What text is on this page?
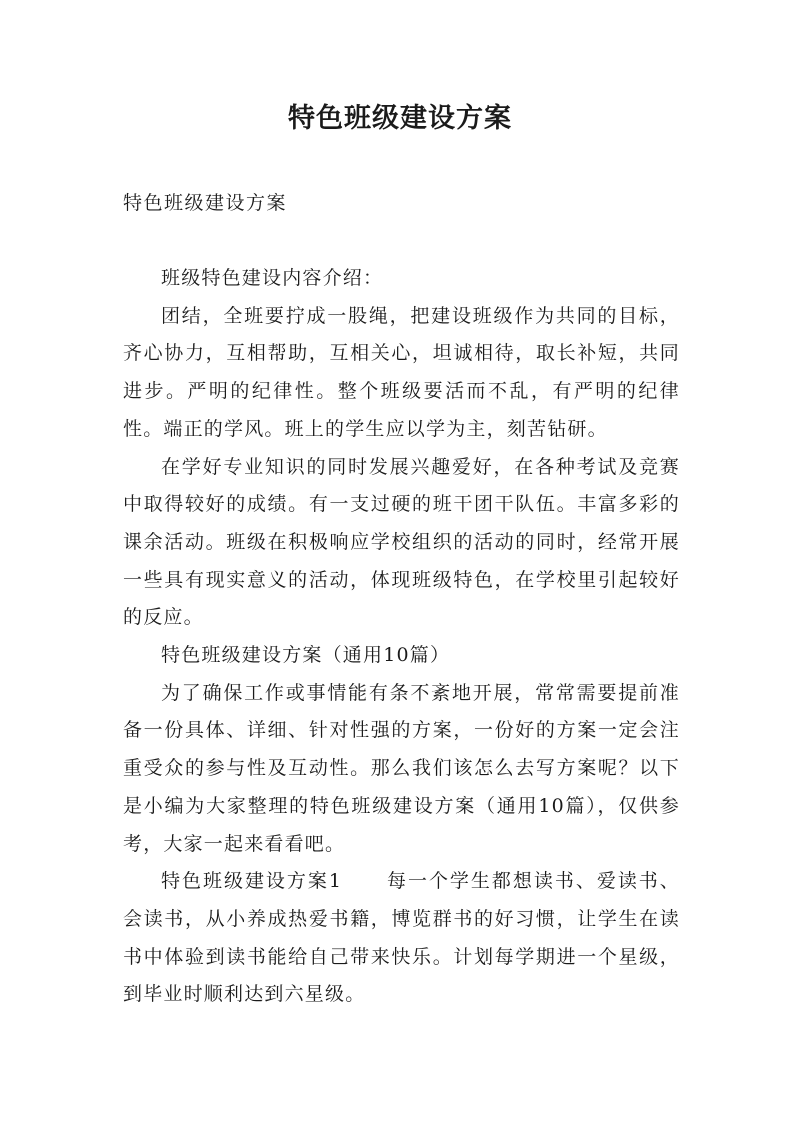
特色班级建设方案
特色班级建设方案

班级特色建设内容介绍：

团结，全班要拧成一股绳，把建设班级作为共同的目标，齐心协力，互相帮助，互相关心，坦诚相待，取长补短，共同进步。严明的纪律性。整个班级要活而不乱，有严明的纪律性。端正的学风。班上的学生应以学为主，刻苦钻研。

在学好专业知识的同时发展兴趣爱好，在各种考试及竞赛中取得较好的成绩。有一支过硬的班干团干队伍。丰富多彩的课余活动。班级在积极响应学校组织的活动的同时，经常开展一些具有现实意义的活动，体现班级特色，在学校里引起较好的反应。

特色班级建设方案（通用10篇）

为了确保工作或事情能有条不紊地开展，常常需要提前准备一份具体、详细、针对性强的方案，一份好的方案一定会注重受众的参与性及互动性。那么我们该怎么去写方案呢？以下是小编为大家整理的特色班级建设方案（通用10篇），仅供参考，大家一起来看看吧。

特色班级建设方案1 每一个学生都想读书、爱读书、会读书，从小养成热爱书籍，博览群书的好习惯，让学生在读书中体验到读书能给自己带来快乐。计划每学期进一个星级，到毕业时顺利达到六星级。
